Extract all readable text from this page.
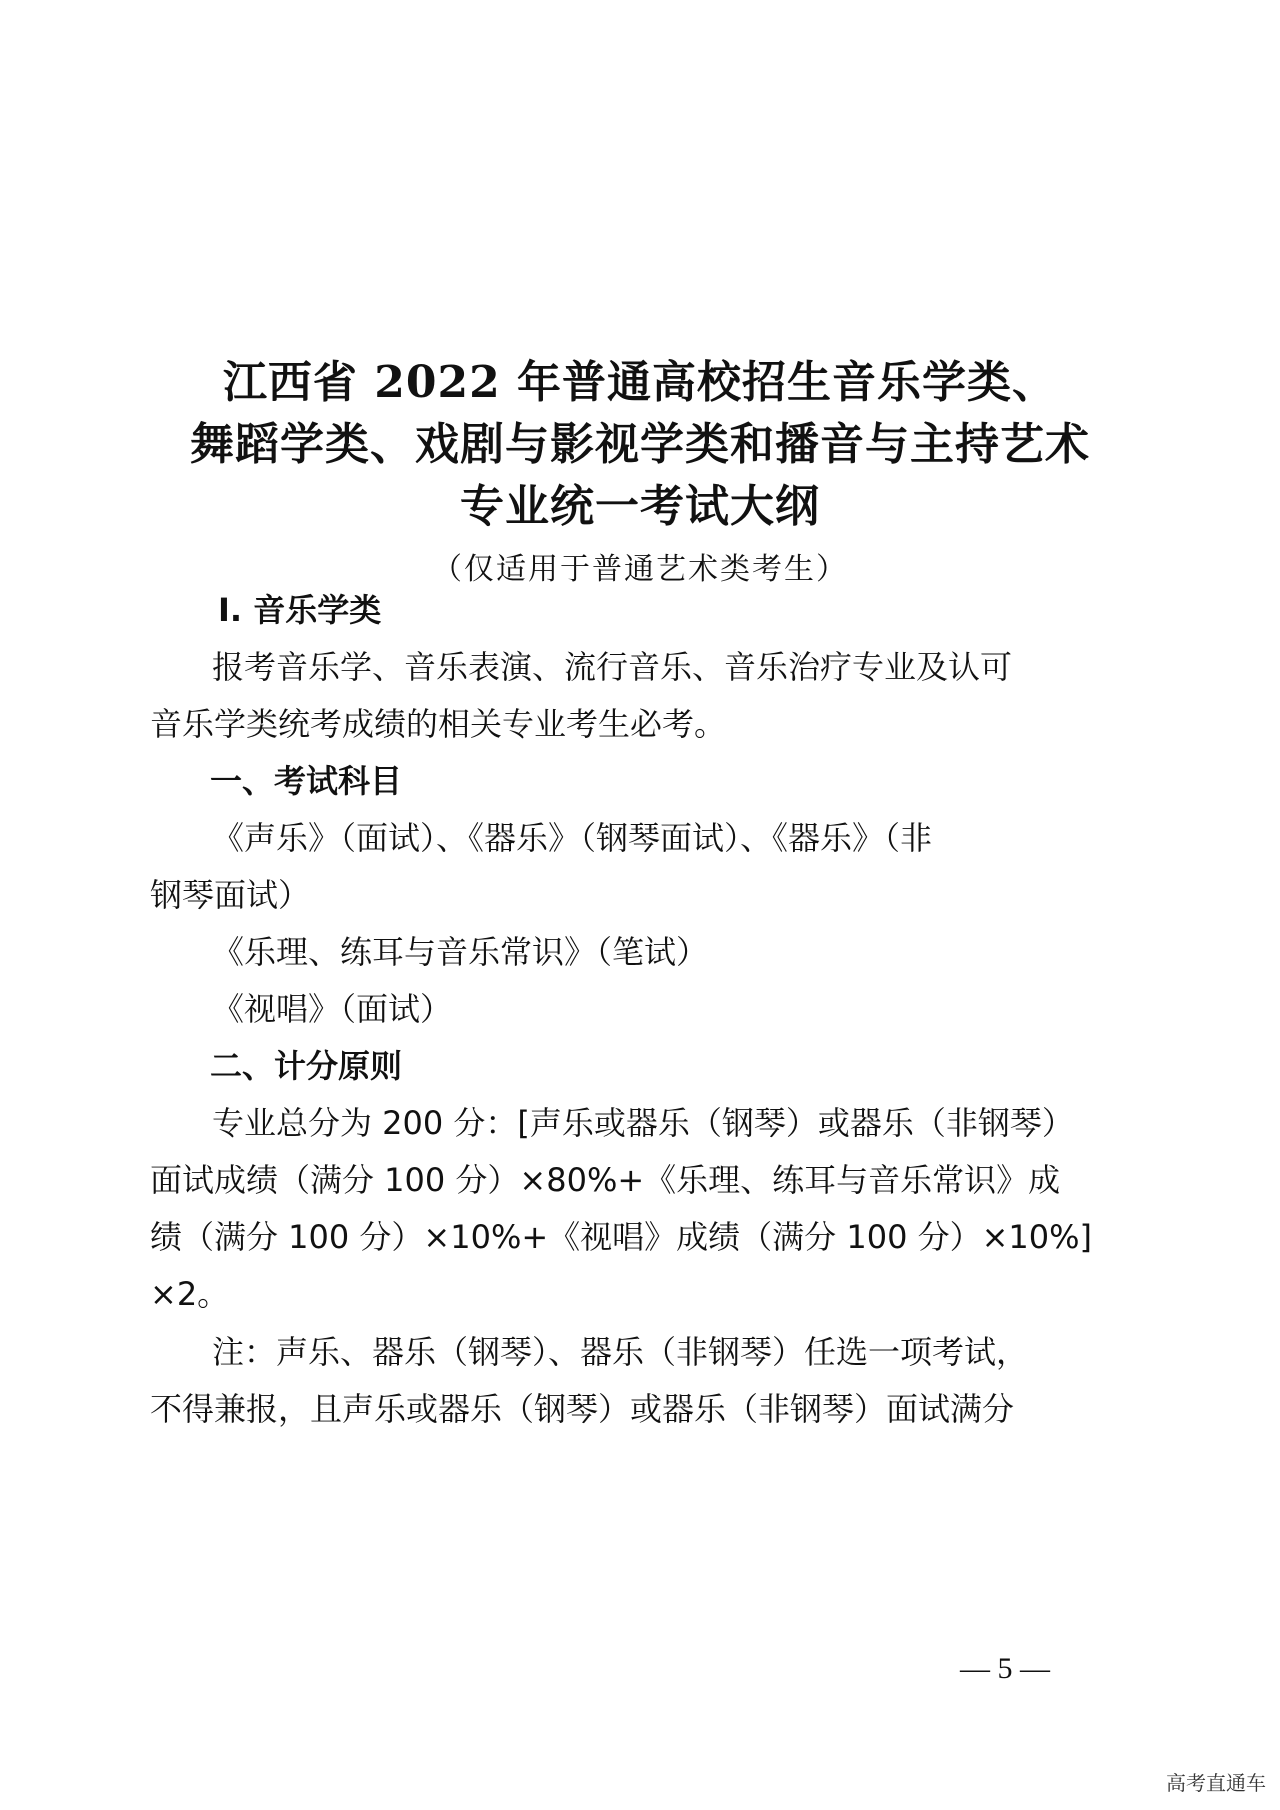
江西省 2022 年普通高校招生音乐学类、
舞蹈学类、戏剧与影视学类和播音与主持艺术
专业统一考试大纲
（仅适用于普通艺术类考生）
Ⅰ. 音乐学类
报考音乐学、音乐表演、流行音乐、音乐治疗专业及认可
音乐学类统考成绩的相关专业考生必考。
一、考试科目
《声乐》（面试）、《器乐》（钢琴面试）、《器乐》（非
钢琴面试）
《乐理、练耳与音乐常识》（笔试）
《视唱》（面试）
二、计分原则
专业总分为 200 分：[声乐或器乐（钢琴）或器乐（非钢琴）
面试成绩（满分 100 分）×80%+《乐理、练耳与音乐常识》成
绩（满分 100 分）×10%+《视唱》成绩（满分 100 分）×10%]
×2。
注：声乐、器乐（钢琴）、器乐（非钢琴）任选一项考试，
不得兼报，且声乐或器乐（钢琴）或器乐（非钢琴）面试满分
— 5 —
高考直通车
